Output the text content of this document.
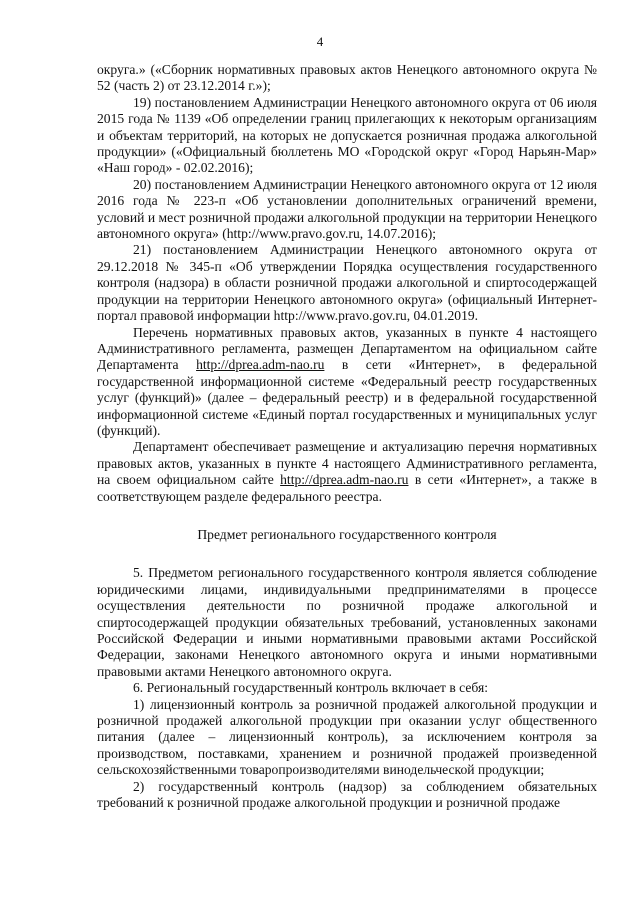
4

округа.» («Сборник нормативных правовых актов Ненецкого автономного округа № 52 (часть 2) от 23.12.2014 г.»);

19) постановлением Администрации Ненецкого автономного округа от 06 июля 2015 года № 1139 «Об определении границ прилегающих к некоторым организациям и объектам территорий, на которых не допускается розничная продажа алкогольной продукции» («Официальный бюллетень МО «Городской округ «Город Нарьян-Мар» «Наш город» - 02.02.2016);

20) постановлением Администрации Ненецкого автономного округа от 12 июля 2016 года № 223-п «Об установлении дополнительных ограничений времени, условий и мест розничной продажи алкогольной продукции на территории Ненецкого автономного округа» (http://www.pravo.gov.ru, 14.07.2016);

21) постановлением Администрации Ненецкого автономного округа от 29.12.2018 № 345-п «Об утверждении Порядка осуществления государственного контроля (надзора) в области розничной продажи алкогольной и спиртосодержащей продукции на территории Ненецкого автономного округа» (официальный Интернет-портал правовой информации http://www.pravo.gov.ru, 04.01.2019.

Перечень нормативных правовых актов, указанных в пункте 4 настоящего Административного регламента, размещен Департаментом на официальном сайте Департамента http://dprea.adm-nao.ru в сети «Интернет», в федеральной государственной информационной системе «Федеральный реестр государственных услуг (функций)» (далее – федеральный реестр) и в федеральной государственной информационной системе «Единый портал государственных и муниципальных услуг (функций).

Департамент обеспечивает размещение и актуализацию перечня нормативных правовых актов, указанных в пункте 4 настоящего Административного регламента, на своем официальном сайте http://dprea.adm-nao.ru в сети «Интернет», а также в соответствующем разделе федерального реестра.

Предмет регионального государственного контроля

5. Предметом регионального государственного контроля является соблюдение юридическими лицами, индивидуальными предпринимателями в процессе осуществления деятельности по розничной продаже алкогольной и спиртосодержащей продукции обязательных требований, установленных законами Российской Федерации и иными нормативными правовыми актами Российской Федерации, законами Ненецкого автономного округа и иными нормативными правовыми актами Ненецкого автономного округа.

6. Региональный государственный контроль включает в себя:

1) лицензионный контроль за розничной продажей алкогольной продукции и розничной продажей алкогольной продукции при оказании услуг общественного питания (далее – лицензионный контроль), за исключением контроля за производством, поставками, хранением и розничной продажей произведенной сельскохозяйственными товаропроизводителями винодельческой продукции;

2) государственный контроль (надзор) за соблюдением обязательных требований к розничной продаже алкогольной продукции и розничной продаже
